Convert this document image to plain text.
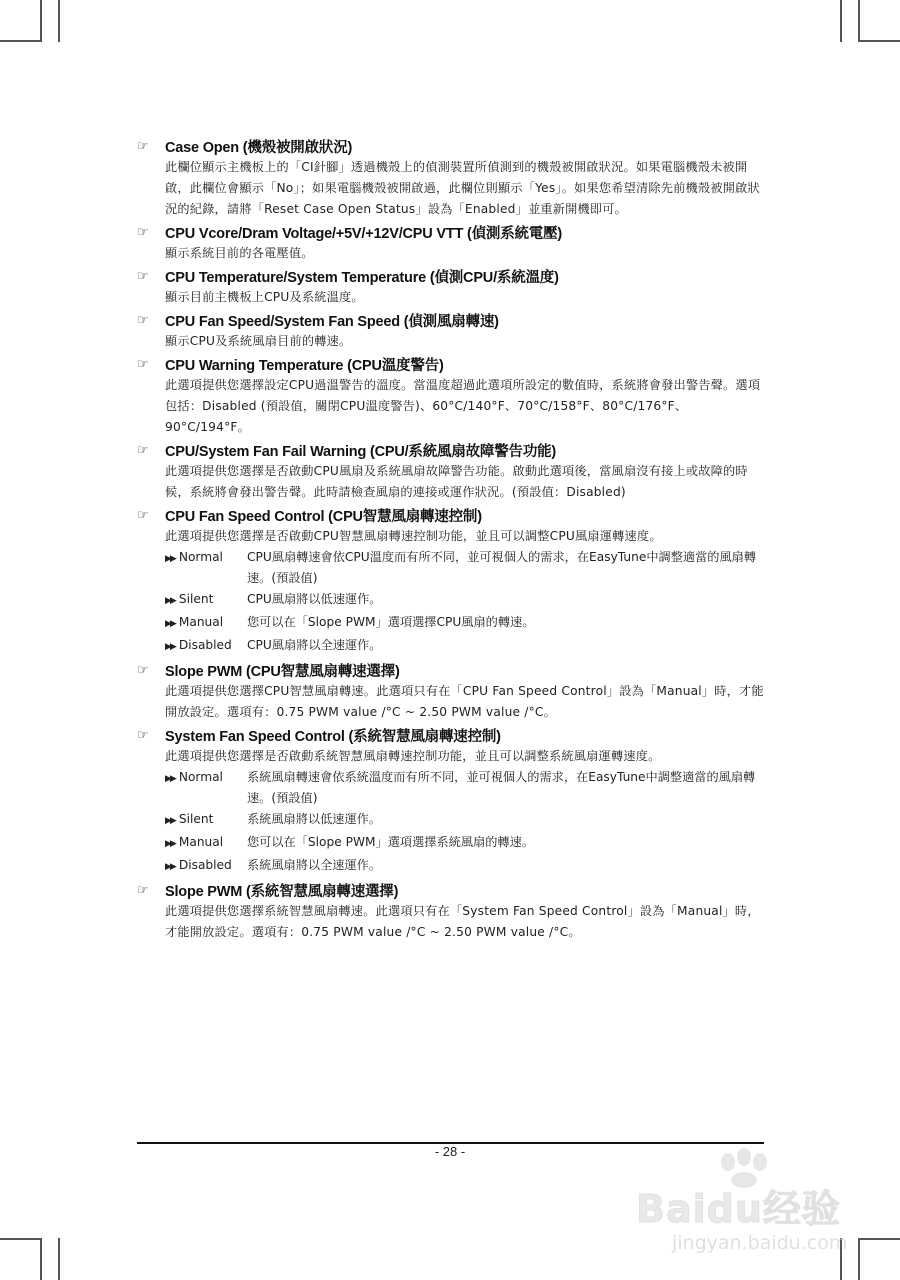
☞	Case Open (機殼被開啟狀況)
此欄位顯示主機板上的「CI針腳」透過機殼上的偵測裝置所偵測到的機殼被開啟狀況。如果電腦機殼未被開啟，此欄位會顯示「No」；如果電腦機殼被開啟過，此欄位則顯示「Yes」。如果您希望清除先前機殼被開啟狀況的紀錄，請將「Reset Case Open Status」設為「Enabled」並重新開機即可。
☞	CPU Vcore/Dram Voltage/+5V/+12V/CPU VTT (偵測系統電壓)
顯示系統目前的各電壓值。
☞	CPU Temperature/System Temperature (偵測CPU/系統溫度)
顯示目前主機板上CPU及系統溫度。
☞	CPU Fan Speed/System Fan Speed (偵測風扇轉速)
顯示CPU及系統風扇目前的轉速。
☞	CPU Warning Temperature (CPU溫度警告)
此選項提供您選擇設定CPU過溫警告的溫度。當溫度超過此選項所設定的數值時，系統將會發出警告聲。選項包括：Disabled (預設值，關閉CPU溫度警告)、60°C/140°F、70°C/158°F、80°C/176°F、90°C/194°F。
☞	CPU/System Fan Fail Warning (CPU/系統風扇故障警告功能)
此選項提供您選擇是否啟動CPU風扇及系統風扇故障警告功能。啟動此選項後，當風扇沒有接上或故障的時候，系統將會發出警告聲。此時請檢查風扇的連接或運作狀況。(預設值：Disabled)
☞	CPU Fan Speed Control (CPU智慧風扇轉速控制)
此選項提供您選擇是否啟動CPU智慧風扇轉速控制功能，並且可以調整CPU風扇運轉速度。
▶▶ Normal	CPU風扇轉速會依CPU溫度而有所不同，並可視個人的需求，在EasyTune中調整適當的風扇轉速。(預設值)
▶▶ Silent	CPU風扇將以低速運作。
▶▶ Manual	您可以在「Slope PWM」選項選擇CPU風扇的轉速。
▶▶ Disabled	CPU風扇將以全速運作。
☞	Slope PWM (CPU智慧風扇轉速選擇)
此選項提供您選擇CPU智慧風扇轉速。此選項只有在「CPU Fan Speed Control」設為「Manual」時，才能開放設定。選項有：0.75 PWM value /°C ~ 2.50 PWM value /°C。
☞	System Fan Speed Control (系統智慧風扇轉速控制)
此選項提供您選擇是否啟動系統智慧風扇轉速控制功能，並且可以調整系統風扇運轉速度。
▶▶ Normal	系統風扇轉速會依系統溫度而有所不同，並可視個人的需求，在EasyTune中調整適當的風扇轉速。(預設值)
▶▶ Silent	系統風扇將以低速運作。
▶▶ Manual	您可以在「Slope PWM」選項選擇系統風扇的轉速。
▶▶ Disabled	系統風扇將以全速運作。
☞	Slope PWM (系統智慧風扇轉速選擇)
此選項提供您選擇系統智慧風扇轉速。此選項只有在「System Fan Speed Control」設為「Manual」時，才能開放設定。選項有：0.75 PWM value /°C ~ 2.50 PWM value /°C。
- 28 -
Baidu经验
jingyan.baidu.com
